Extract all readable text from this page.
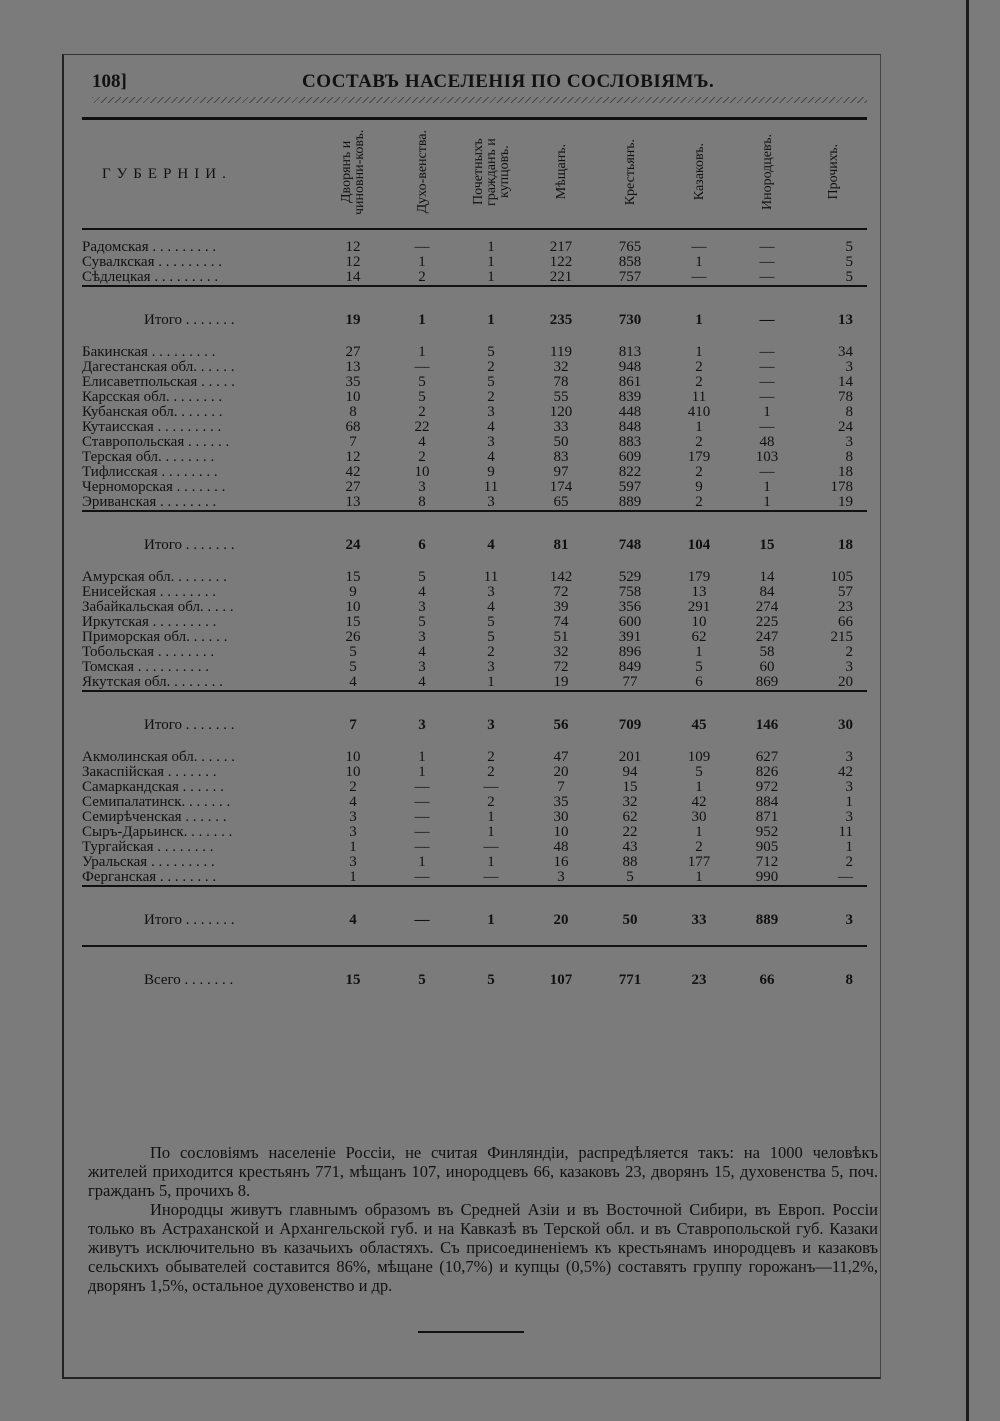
108]	СОСТАВЪ НАСЕЛЕНІЯ ПО СОСЛОВІЯМЪ.
ГУБЕРНІИ.	Дворянъ и чиновни-ковъ.	Духо-венства.	Почетныхъ гражданъ и купцовъ.	Мѣщанъ.	Крестьянъ.	Казаковъ.	Инородцевъ.	Прочихъ.

Радомская . . . . . . . . .	12	—	1	217	765	—	—	5
Сувалкская . . . . . . . . .	12	1	1	122	858	1	—	5
Сѣдлецкая . . . . . . . . .	14	2	1	221	757	—	—	5

Итого . . . . . . .	19	1	1	235	730	1	—	13

Бакинская . . . . . . . . .	27	1	5	119	813	1	—	34
Дагестанская обл. . . . . .	13	—	2	32	948	2	—	3
Елисаветпольская . . . . .	35	5	5	78	861	2	—	14
Карсская обл. . . . . . . .	10	5	2	55	839	11	—	78
Кубанская обл. . . . . . .	8	2	3	120	448	410	1	8
Кутаисская . . . . . . . . .	68	22	4	33	848	1	—	24
Ставропольская . . . . . .	7	4	3	50	883	2	48	3
Терская обл. . . . . . . .	12	2	4	83	609	179	103	8
Тифлисская . . . . . . . .	42	10	9	97	822	2	—	18
Черноморская . . . . . . .	27	3	11	174	597	9	1	178
Эриванская . . . . . . . .	13	8	3	65	889	2	1	19

Итого . . . . . . .	24	6	4	81	748	104	15	18

Амурская обл. . . . . . . .	15	5	11	142	529	179	14	105
Енисейская . . . . . . . .	9	4	3	72	758	13	84	57
Забайкальская обл. . . . .	10	3	4	39	356	291	274	23
Иркутская . . . . . . . . .	15	5	5	74	600	10	225	66
Приморская обл. . . . . .	26	3	5	51	391	62	247	215
Тобольская . . . . . . . .	5	4	2	32	896	1	58	2
Томская . . . . . . . . . .	5	3	3	72	849	5	60	3
Якутская обл. . . . . . . .	4	4	1	19	77	6	869	20

Итого . . . . . . .	7	3	3	56	709	45	146	30

Акмолинская обл. . . . . .	10	1	2	47	201	109	627	3
Закаспійская . . . . . . .	10	1	2	20	94	5	826	42
Самаркандская . . . . . .	2	—	—	7	15	1	972	3
Семипалатинск. . . . . . .	4	—	2	35	32	42	884	1
Семирѣченская . . . . . .	3	—	1	30	62	30	871	3
Сыръ-Дарьинск. . . . . . .	3	—	1	10	22	1	952	11
Тургайская . . . . . . . .	1	—	—	48	43	2	905	1
Уральская . . . . . . . . .	3	1	1	16	88	177	712	2
Ферганская . . . . . . . .	1	—	—	3	5	1	990	—

Итого . . . . . . .	4	—	1	20	50	33	889	3

Всего . . . . . . .	15	5	5	107	771	23	66	8

По сословіямъ населеніе Россіи, не считая Финляндіи, распредѣляется такъ: на 1000 человѣкъ жителей приходится крестьянъ 771, мѣщанъ 107, инородцевъ 66, казаковъ 23, дворянъ 15, духовенства 5, поч. гражданъ 5, прочихъ 8.

Инородцы живутъ главнымъ образомъ въ Средней Азіи и въ Восточной Сибири, въ Европ. Россіи только въ Астраханской и Архангельской губ. и на Кавказѣ въ Терской обл. и въ Ставропольской губ. Казаки живутъ исключительно въ казачьихъ областяхъ. Съ присоединеніемъ къ крестьянамъ инородцевъ и казаковъ сельскихъ обывателей составится 86%, мѣщане (10,7%) и купцы (0,5%) составятъ группу горожанъ—11,2%, дворянъ 1,5%, остальное духовенство и др.
